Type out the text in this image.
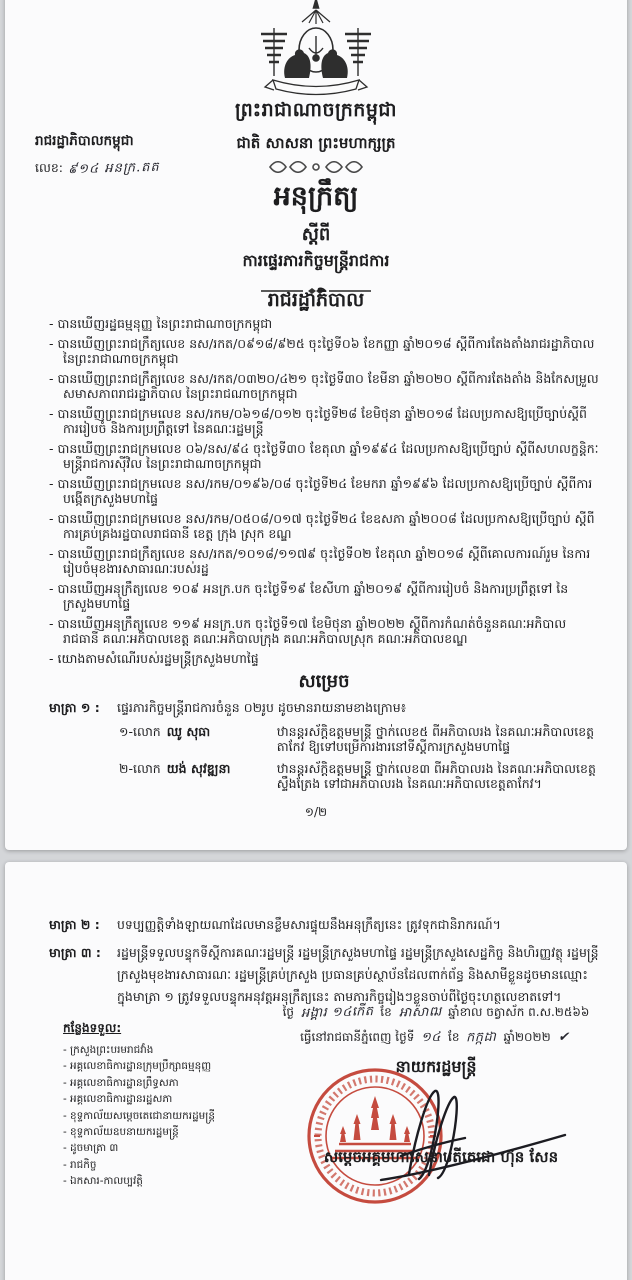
ព្រះរាជាណាចក្រកម្ពុជា
រាជរដ្ឋាភិបាលកម្ពុជា
លេខ: ៩១៤ អនក្រ.តត
ជាតិ សាសនា ព្រះមហាក្សត្រ
អនុក្រឹត្យ
ស្តីពី
ការផ្ទេរភារកិច្ចមន្ត្រីរាជការ
រាជរដ្ឋាភិបាល
- បានឃើញរដ្ឋធម្មនុញ្ញ នៃព្រះរាជាណាចក្រកម្ពុជា
- បានឃើញព្រះរាជក្រឹត្យលេខ នស/រកត/០៩១៨/៩២៥ ចុះថ្ងៃទី០៦ ខែកញ្ញា ឆ្នាំ២០១៨ ស្តីពីការតែងតាំងរាជរដ្ឋាភិបាល នៃព្រះរាជាណាចក្រកម្ពុជា
- បានឃើញព្រះរាជក្រឹត្យលេខ នស/រកត/០៣២០/៤២១ ចុះថ្ងៃទី៣០ ខែមីនា ឆ្នាំ២០២០ ស្តីពីការតែងតាំង និងកែសម្រួលសមាសភាពរាជរដ្ឋាភិបាល នៃព្រះរាជណាចក្រកម្ពុជា
- បានឃើញព្រះរាជក្រមលេខ នស/រកម/០៦១៨/០១២ ចុះថ្ងៃទី២៨ ខែមិថុនា ឆ្នាំ២០១៨ ដែលប្រកាសឱ្យប្រើច្បាប់ស្តីពីការរៀបចំ និងការប្រព្រឹត្តទៅ នៃគណៈរដ្ឋមន្ត្រី
- បានឃើញព្រះរាជក្រមលេខ ០៦/នស/៩៤ ចុះថ្ងៃទី៣០ ខែតុលា ឆ្នាំ១៩៩៤ ដែលប្រកាសឱ្យប្រើច្បាប់ ស្តីពីសហលក្ខន្តិកៈមន្ត្រីរាជការស៊ីវិល នៃព្រះរាជាណាចក្រកម្ពុជា
- បានឃើញព្រះរាជក្រមលេខ នស/រកម/០១៩៦/០៨ ចុះថ្ងៃទី២៤ ខែមករា ឆ្នាំ១៩៩៦ ដែលប្រកាសឱ្យប្រើច្បាប់ ស្តីពីការបង្កើតក្រសួងមហាផ្ទៃ
- បានឃើញព្រះរាជក្រមលេខ នស/រកម/០៥០៨/០១៧ ចុះថ្ងៃទី២៤ ខែឧសភា ឆ្នាំ២០០៨ ដែលប្រកាសឱ្យប្រើច្បាប់ ស្តីពីការគ្រប់គ្រងរដ្ឋបាលរាជធានី ខេត្ត ក្រុង ស្រុក ខណ្ឌ
- បានឃើញព្រះរាជក្រឹត្យលេខ នស/រកត/១០១៨/១១៧៩ ចុះថ្ងៃទី០២ ខែតុលា ឆ្នាំ២០១៨ ស្តីពីគោលការណ៍រួម នៃការរៀបចំមុខងារសាធារណៈរបស់រដ្ឋ
- បានឃើញអនុក្រឹត្យលេខ ១០៩ អនក្រ.បក ចុះថ្ងៃទី១៩ ខែសីហា ឆ្នាំ២០១៩ ស្តីពីការរៀបចំ និងការប្រព្រឹត្តទៅ នៃក្រសួងមហាផ្ទៃ
- បានឃើញអនុក្រឹត្យលេខ ១១៩ អនក្រ.បក ចុះថ្ងៃទី១៧ ខែមិថុនា ឆ្នាំ២០២២ ស្តីពីការកំណត់ចំនួនគណៈអភិបាលរាជធានី គណៈអភិបាលខេត្ត គណៈអភិបាលក្រុង គណៈអភិបាលស្រុក គណៈអភិបាលខណ្ឌ
- យោងតាមសំណើរបស់រដ្ឋមន្ត្រីក្រសួងមហាផ្ទៃ
សម្រេច
មាត្រា ១ : ផ្ទេរភារកិច្ចមន្ត្រីរាជការចំនួន ០២រូប ដូចមានរាយនាមខាងក្រោម៖
១-លោក ឈូ សុធា	ឋានន្តរស័ក្តិឧត្តមមន្ត្រី ថ្នាក់លេខ៥ ពីអភិបាលរង នៃគណៈអភិបាលខេត្តតាកែវ ឱ្យទៅបម្រើការងារនៅទីស្តីការក្រសួងមហាផ្ទៃ
២-លោក យង់ សុវឌ្ឍនា	ឋានន្តរស័ក្តិឧត្តមមន្ត្រី ថ្នាក់លេខ៣ ពីអភិបាលរង នៃគណៈអភិបាលខេត្តស្ទឹងត្រែង ទៅជាអភិបាលរង នៃគណៈអភិបាលខេត្តតាកែវ។
១/២
មាត្រា ២ : បទប្បញ្ញត្តិទាំងឡាយណាដែលមានខ្លឹមសារផ្ទុយនឹងអនុក្រឹត្យនេះ ត្រូវទុកជានិរាករណ៍។
មាត្រា ៣ : រដ្ឋមន្ត្រីទទួលបន្ទុកទីស្តីការគណៈរដ្ឋមន្ត្រី រដ្ឋមន្ត្រីក្រសួងមហាផ្ទៃ រដ្ឋមន្ត្រីក្រសួងសេដ្ឋកិច្ច និងហិរញ្ញវត្ថុ រដ្ឋមន្ត្រីក្រសួងមុខងារសាធារណៈ រដ្ឋមន្ត្រីគ្រប់ក្រសួង ប្រធានគ្រប់ស្ថាប័នដែលពាក់ព័ន្ធ និងសាមីខ្លួនដូចមានឈ្មោះក្នុងមាត្រា ១ ត្រូវទទួលបន្ទុកអនុវត្តអនុក្រឹត្យនេះ តាមភារកិច្ចរៀងៗខ្លួនចាប់ពីថ្ងៃចុះហត្ថលេខាតទៅ។
ថ្ងៃ អង្គារ ១៤កើត ខែ អាសាឍ ឆ្នាំខាល ចត្វាស័ក ព.ស.២៥៦៦
ធ្វើនៅរាជធានីភ្នំពេញ ថ្ងៃទី ១៤ ខែ កក្កដា ឆ្នាំ២០២២ ✔
នាយករដ្ឋមន្ត្រី
សម្តេចអគ្គមហាសេនាបតីតេជោ ហ៊ុន សែន
កន្លែងទទួល:
- ក្រសួងព្រះបរមរាជវាំង
- អគ្គលេខាធិការដ្ឋានក្រុមប្រឹក្សាធម្មនុញ្ញ
- អគ្គលេខាធិការដ្ឋានព្រឹទ្ធសភា
- អគ្គលេខាធិការដ្ឋានរដ្ឋសភា
- ខុទ្ទកាល័យសម្តេចតេជោនាយករដ្ឋមន្ត្រី
- ខុទ្ទកាល័យឧបនាយករដ្ឋមន្ត្រី
- ដូចមាត្រា ៣
- រាជកិច្ច
- ឯកសារ-កាលប្បវត្តិ
